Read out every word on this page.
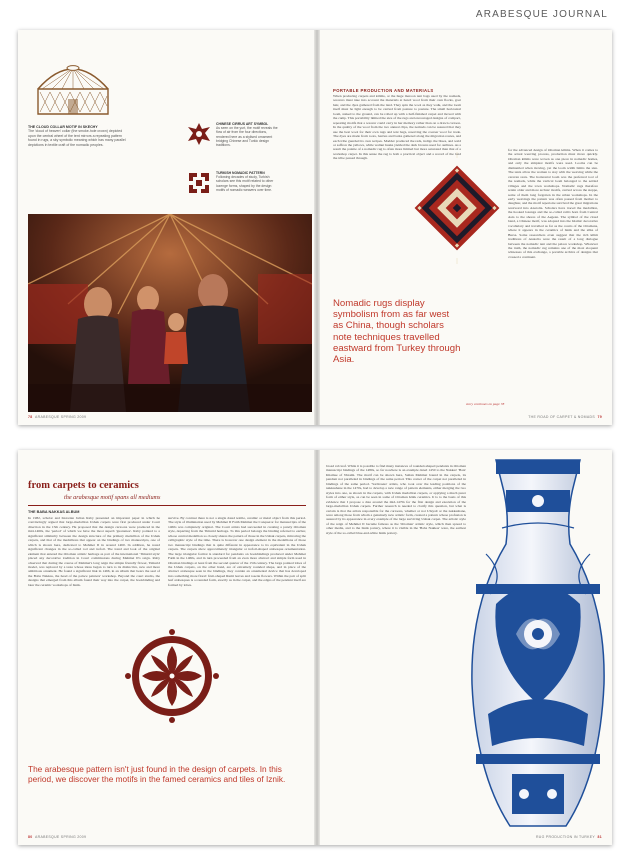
ARABESQUE JOURNAL
THE CLOUD COLLAR MOTIF IN SKECHY
The 'cloud of heaven' collar (the smoke-hole crown) depicted upon the central wheel of the tent mirrors a repeating pattern found in rugs, a sky symbolic meaning which has many parallel depictions in textile craft of the nomadic peoples.
CHINESE CIRRUS ART SYMBOL
As seen on the yurt, the motif reveals the flow of air from the four directions, rendered here as a stylised ornament bridging Chinese and Turkic design traditions.
TURKISH NOMADIC PATTERN
Following decades of study, Turkish scholars see this motif related to other lozenge forms, shaped by the design motifs of nomadic weavers over time.
78 ARABESQUE SPRING 2009
PORTABLE PRODUCTION AND MATERIALS
When producing carpets and kilims, or the huge maroon tent bags used by the nomads, weavers must take into account the materials at hand: wool from their own flocks, goat hair, and the dyes gathered from the land. They spin the wool as they walk, and the loom itself must be light enough to be carried from pasture to pasture. The small horizontal loom, staked to the ground, can be rolled up with a half-finished carpet and moved with the camp. This portability limited the size of the rugs and encouraged designs of compact, repeating motifs that a weaver could carry in her memory rather than on a drawn cartoon. In the quality of the wool from the two annual clips, the nomads can be assured that they use the best wool for their own rugs and tent bags, reserving the coarser wool for trade. The dyes are made from roots, berries and barks gathered along the migration routes, and each tribe guarded its own recipes. Madder produced the reds, indigo the blues, and weld or saffron the yellows, while walnut husks yielded the dark browns used for outlines. As a result the palette of a nomadic rug is often more limited but more saturated than that of a workshop carpet. In this sense the rug is both a practical object and a record of the land the tribe passed through.
for the advanced design of Ottoman kilims. When it comes to the actual weaving process, production must move quickly. Ottoman kilims were woven as one piece in nomadic homes, and only the simplest motifs were used. Looms can be dismantled when moving, yet the loom width limits the size. The tents allow the women to stay with the weaving while the caravan rests. The horizontal loom was the preferred tool of the nomads, while the vertical loom belonged to the settled villages and the town workshops. Nomadic rugs therefore retain older and more archaic motifs, carried across the steppe, some of them long forgotten in the urban workshops. In the early weavings the pattern was often passed from mother to daughter, and the motif repertoire survived the great migrations westward into Anatolia. Scholars have traced the medallion, the hooked lozenge and the so-called ram's horn from Central Asia to the shores of the Aegean. The symbol of the cloud band, a Chinese motif, was adopted into the Islamic decorative vocabulary and travelled as far as the courts of the Ottomans, where it appears in the ceramics of Iznik and the silks of Bursa. Some researchers even suggest that the rich kilim traditions of Anatolia were the result of a long dialogue between the nomadic tent and the palace workshop. Whatever the truth, the nomadic rug remains one of the most eloquent witnesses of this exchange, a portable archive of designs that crossed a continent.
story continues on page 78
Nomadic rugs display symbolism from as far west as China, though scholars note techniques travelled eastward from Turkey through Asia.
THE ROAD OF CARPET & NOMADS 79
from carpets to ceramics
the arabesque motif spans all mediums
THE BABA NAKKAS ALBUM
In 1982, scholar and historian Julian Raby presented an important paper in which he convincingly argued that large-medallion Ushak carpets were first produced under Court direction in the 15th century. He proposed that the design cartoons were produced in the mid-1460s, the 'period' of which we have the most superb 'guarantee'. Raby pointed to a significant similarity between the design structure of the primary medallion of the Ushak carpets, and that of the medallions that appear on the bindings of two manuscripts, one of which is shown here, dedicated to Mehmet II in around 1460. In addition, he noted significant changes in the so-called rod and trefoil. The trend and look of the original element that entered the Ottoman artistic heritage as part of the international 'Timurid style' placed any decorative tradition in Court commissions during Mehmet II's reign. Raby observed that during the course of Mehmet's long reign the simple friendly flower, Timurid model, was replaced by a taste whose ideas began to turn to its distinctive, new and more ambitious ornament. He found a significant link in 1466, in an album that bears the seal of the Baba Nakkas, the head of the palace painters' workshop. Beyond the court studio, the designs that emerged from this album found their way into the carpet, the bookbinding and later the ceramic workshops of Iznik.
survive. By contrast there is not a single dated textile, ceramic or metal object from this period. The style of illumination used by Mehmet II Fatih Mehmet the Conqueror for manuscripts of the 1460s was completely original. The Court artists had succeeded in creating a purely Ottoman style, departing from the Timurid heritage. To this period belongs the binding referred to earlier, whose central medallion so closely shares the pattern of those in the Ushak carpets, mirroring the calligraphic style of the time. There is however one design element in the medallions of those two manuscript bindings that is quite different in appearance to its equivalent in the Ushak carpets. The carpets show approximately triangular or trefoil-shaped arabesque ornamentation. The large triangular format is standard for pendants on bookbindings produced under Mehmet Fatih in the 1460s, and in turn proceeded from an even more abstract and simple form used in Ottoman bindings at least from the second quarter of the 15th century. The large pointed lobes of the Ushak carpets, on the other hand, are of extremely rounded shape, and in place of the abstract arabesque seen in the bindings, they contain an ornamental device that has developed into something more floral: fruit-shaped Rumi leaves and rosette flowers. Within the pair of split leaf arabesques is a rounded form, exactly as in the carpet, and the edges of the pendant itself are formed by lobes.
The arabesque pattern isn't just found in the design of carpets. In this period, we discover the motifs in the famed ceramics and tiles of Iznik.
80 ARABESQUE SPRING 2009
broad rab leaf. While it is possible to find many instances of rounded-shaped pendants in Ottoman manuscript bindings of the 1480s, so far nowhere is an example dated 1450 to the Nakkas' 'Bata' Khamse of Nizami. The motif can be shown here, Sultan Mehmet bound in the carpets, its pendant not paralleled in bindings of the same period. This corner of the carpet not paralleled in bindings of the same period. 'Sarlicaeus' artists, who took over the leading positions of the nakkashane in the 1470s, had to develop a new range of pattern elements, either merging the two styles into one, as shown in the carpets, with Ushak medallion carpets, or applying a much purer form of either style, as can be seen in some of Ottoman Iznik ceramics. It is to the basis of this evidence that I propose a date around the mid-1470s for the first design and execution of the large-medallion Ushak carpets. Further research is needed to clarify this question, but what is certain is that the artists responsible for the cartoons, whether or not Uluyalt or the nakkashane, were among those from whom a genuinely new artistic form, created a pattern whose profusion is assured by its appearance in every example of the large surviving Ushak carpet. The artistic style of the reign of Mehmet II became famous as the 'Ottoman' artistic style, which then spread to other media, and to the Iznik pottery, where it is visible in the 'Baba Nakkas' ware, the earliest style of the so-called blue-and-white Iznik pottery.
RUG PRODUCTION IN TURKEY 81
